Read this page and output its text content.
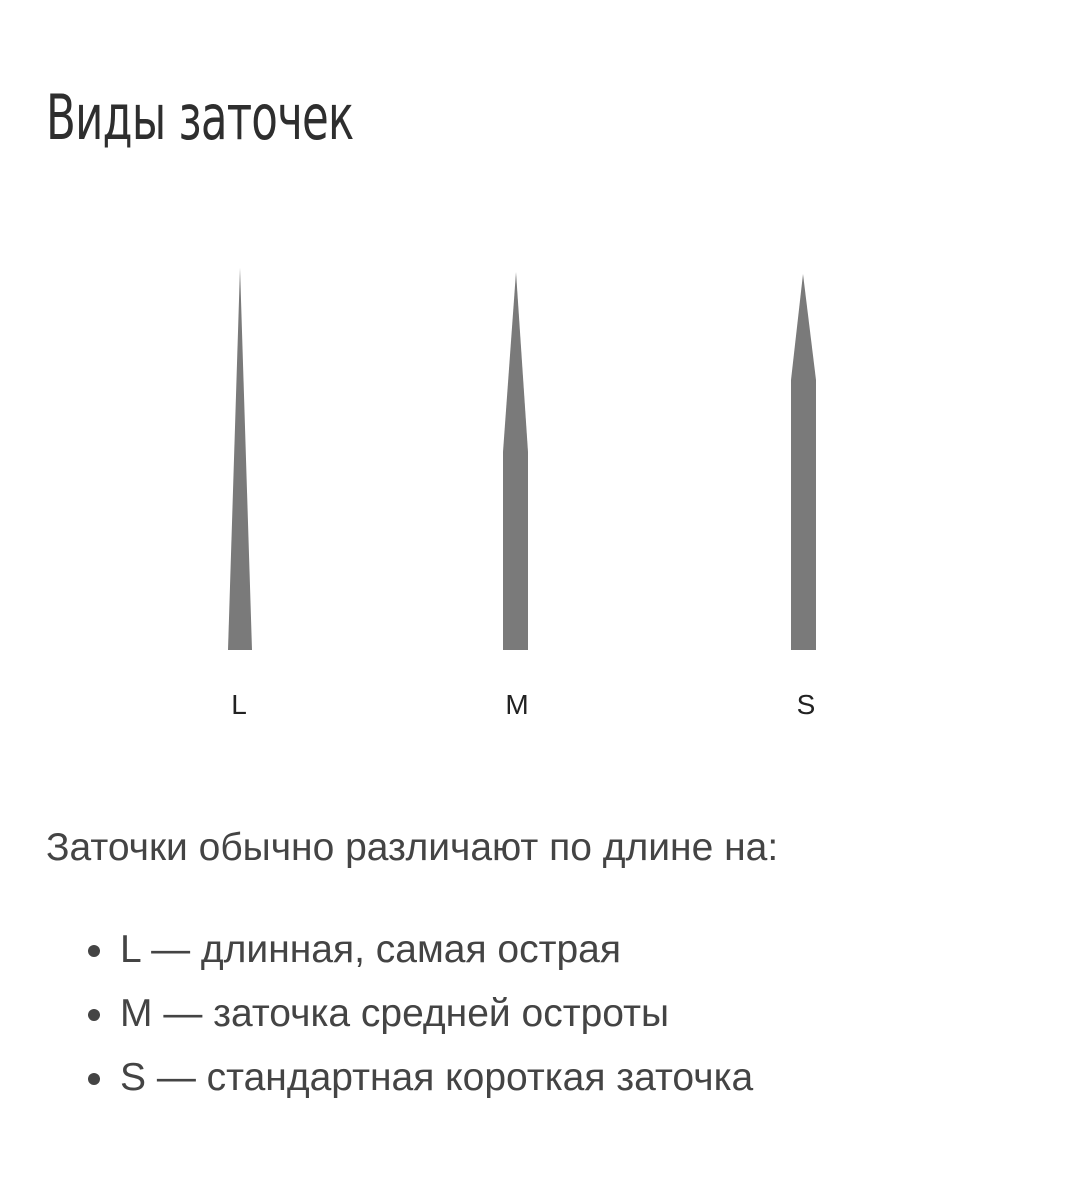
Виды заточек
L	M	S

Заточки обычно различают по длине на:

L — длинная, самая острая
M — заточка средней остроты
S — стандартная короткая заточка
